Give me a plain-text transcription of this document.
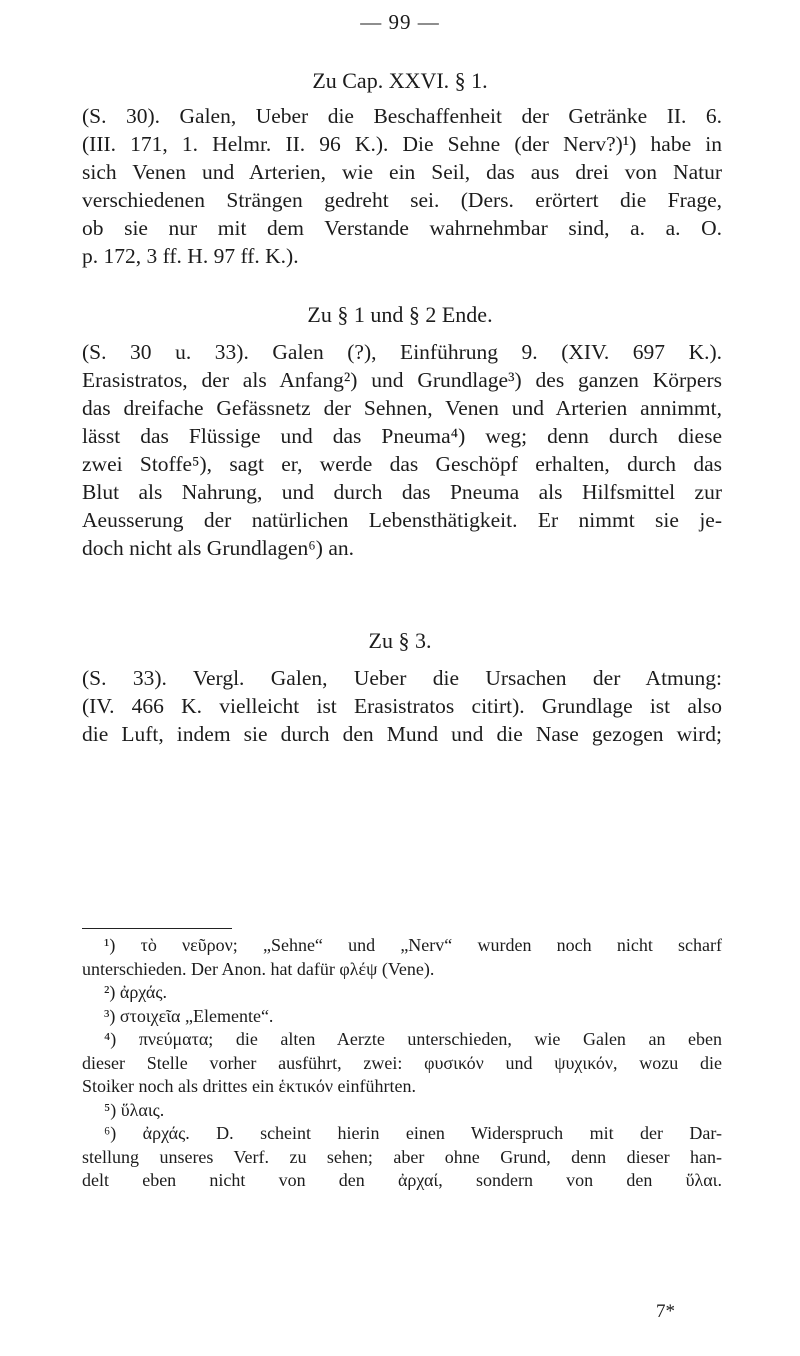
— 99 —
Zu Cap. XXVI. § 1.
(S. 30). Galen, Ueber die Beschaffenheit der Getränke II. 6.
(III. 171, 1. Helmr. II. 96 K.). Die Sehne (der Nerv?)¹) habe in
sich Venen und Arterien, wie ein Seil, das aus drei von Natur
verschiedenen Strängen gedreht sei. (Ders. erörtert die Frage,
ob sie nur mit dem Verstande wahrnehmbar sind, a. a. O.
p. 172, 3 ff. H. 97 ff. K.).
Zu § 1 und § 2 Ende.
(S. 30 u. 33). Galen (?), Einführung 9. (XIV. 697 K.).
Erasistratos, der als Anfang²) und Grundlage³) des ganzen Körpers
das dreifache Gefässnetz der Sehnen, Venen und Arterien annimmt,
lässt das Flüssige und das Pneuma⁴) weg; denn durch diese
zwei Stoffe⁵), sagt er, werde das Geschöpf erhalten, durch das
Blut als Nahrung, und durch das Pneuma als Hilfsmittel zur
Aeusserung der natürlichen Lebensthätigkeit. Er nimmt sie je-
doch nicht als Grundlagen⁶) an.
Zu § 3.
(S. 33). Vergl. Galen, Ueber die Ursachen der Atmung:
(IV. 466 K. vielleicht ist Erasistratos citirt). Grundlage ist also
die Luft, indem sie durch den Mund und die Nase gezogen wird;
¹) τὸ νεῦρον; „Sehne“ und „Nerv“ wurden noch nicht scharf
unterschieden. Der Anon. hat dafür φλέψ (Vene).
²) ἀρχάς.
³) στοιχεῖα „Elemente“.
⁴) πνεύματα; die alten Aerzte unterschieden, wie Galen an eben
dieser Stelle vorher ausführt, zwei: φυσικόν und ψυχικόν, wozu die
Stoiker noch als drittes ein ἑκτικόν einführten.
⁵) ὕλαις.
⁶) ἀρχάς. D. scheint hierin einen Widerspruch mit der Dar-
stellung unseres Verf. zu sehen; aber ohne Grund, denn dieser han-
delt eben nicht von den ἀρχαί, sondern von den ὕλαι.
7*
